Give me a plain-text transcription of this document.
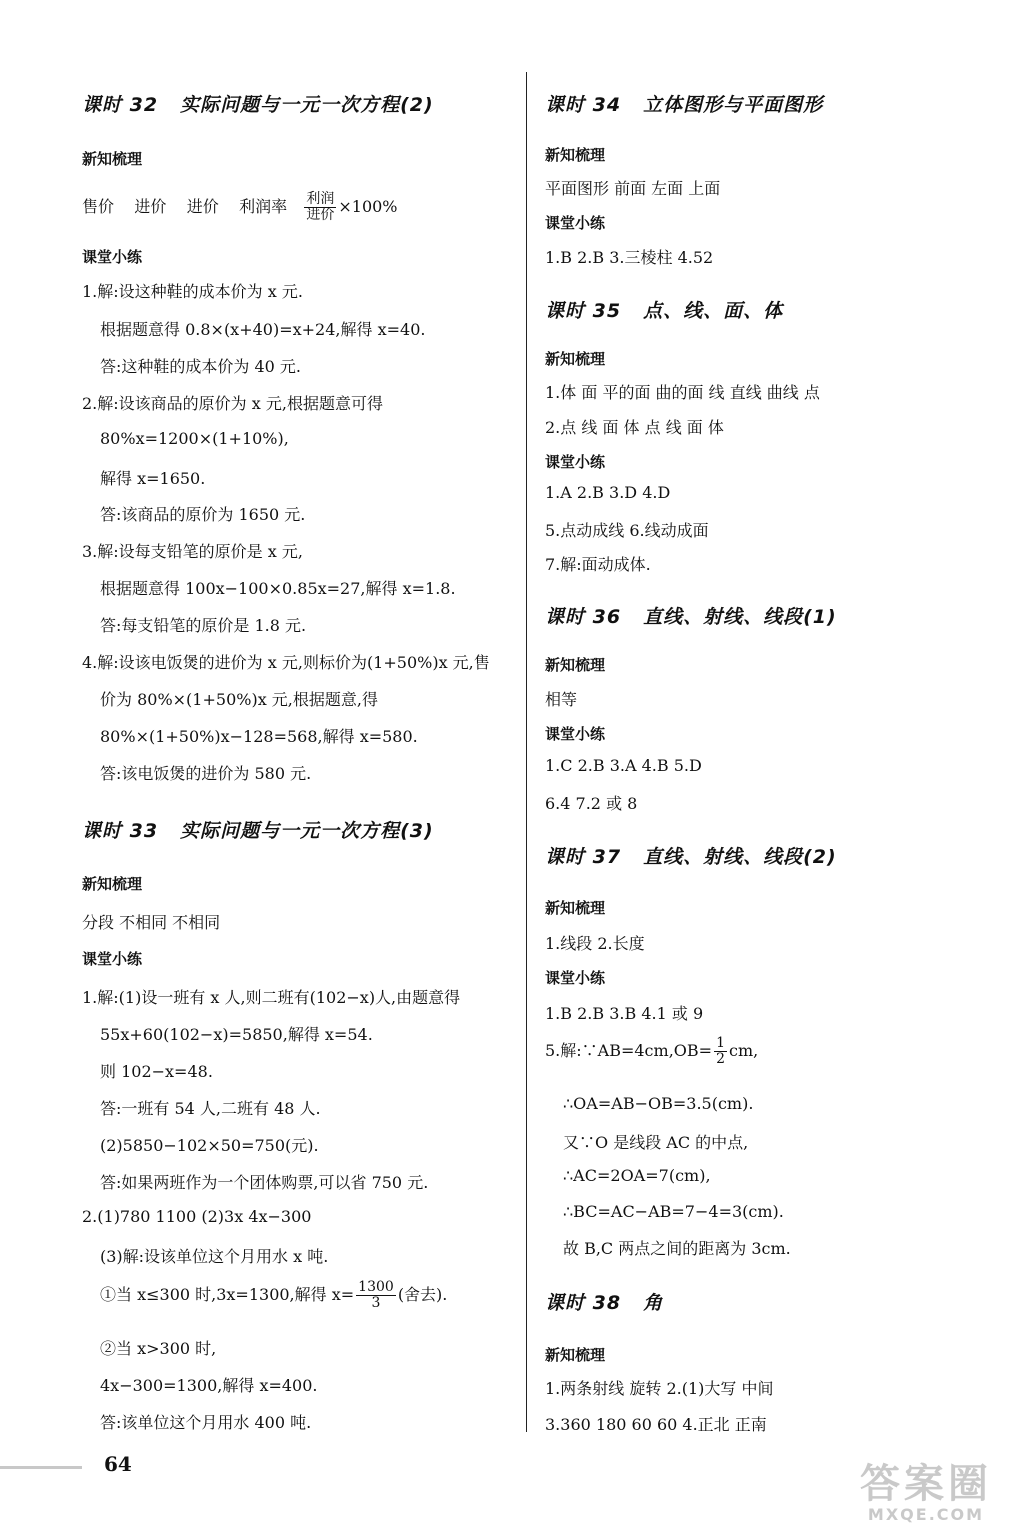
课时 32 实际问题与一元一次方程(2)
新知梳理
售价 进价 进价 利润率 $\frac{\text{利润}}{\text{进价}} \times 100\%$
课堂小练
1.解:设这种鞋的成本价为 x 元.
根据题意得 0.8×(x+40)=x+24,解得 x=40.
答:这种鞋的成本价为 40 元.
2.解:设该商品的原价为 x 元,根据题意可得
80%x=1200×(1+10%),
解得 x=1650.
答:该商品的原价为 1650 元.
3.解:设每支铅笔的原价是 x 元,
根据题意得 100x−100×0.85x=27,解得 x=1.8.
答:每支铅笔的原价是 1.8 元.
4.解:设该电饭煲的进价为 x 元,则标价为(1+50%)x 元,售
价为 80%×(1+50%)x 元,根据题意,得
80%×(1+50%)x−128=568,解得 x=580.
答:该电饭煲的进价为 580 元.
课时 33 实际问题与一元一次方程(3)
新知梳理
分段 不相同 不相同
课堂小练
1.解:(1)设一班有 x 人,则二班有(102−x)人,由题意得
55x+60(102−x)=5850,解得 x=54.
则 102−x=48.
答:一班有 54 人,二班有 48 人.
(2)5850−102×50=750(元).
答:如果两班作为一个团体购票,可以省 750 元.
2.(1)780 1100 (2)3x 4x−300
(3)解:设该单位这个月用水 x 吨.
①当 x≤300 时,3x=1300,解得 $x= \frac{1300}{3}$ (舍去).
②当 x>300 时,
4x−300=1300,解得 x=400.
答:该单位这个月用水 400 吨.
课时 34 立体图形与平面图形
新知梳理
平面图形 前面 左面 上面
课堂小练
1.B 2.B 3.三棱柱 4.52
课时 35 点、线、面、体
新知梳理
1.体 面 平的面 曲的面 线 直线 曲线 点
2.点 线 面 体 点 线 面 体
课堂小练
1.A 2.B 3.D 4.D
5.点动成线 6.线动成面
7.解:面动成体.
课时 36 直线、射线、线段(1)
新知梳理
相等
课堂小练
1.C 2.B 3.A 4.B 5.D
6.4 7.2 或 8
课时 37 直线、射线、线段(2)
新知梳理
1.线段 2.长度
课堂小练
1.B 2.B 3.B 4.1 或 9
5.解:∵AB=4cm,OB= $\frac{1}{2}$ cm,
∴OA=AB−OB=3.5(cm).
又∵O 是线段 AC 的中点,
∴AC=2OA=7(cm),
∴BC=AC−AB=7−4=3(cm).
故 B,C 两点之间的距离为 3cm.
课时 38 角
新知梳理
1.两条射线 旋转 2.(1)大写 中间
3.360 180 60 60 4.正北 正南
64	答案圈
MXQE.COM
